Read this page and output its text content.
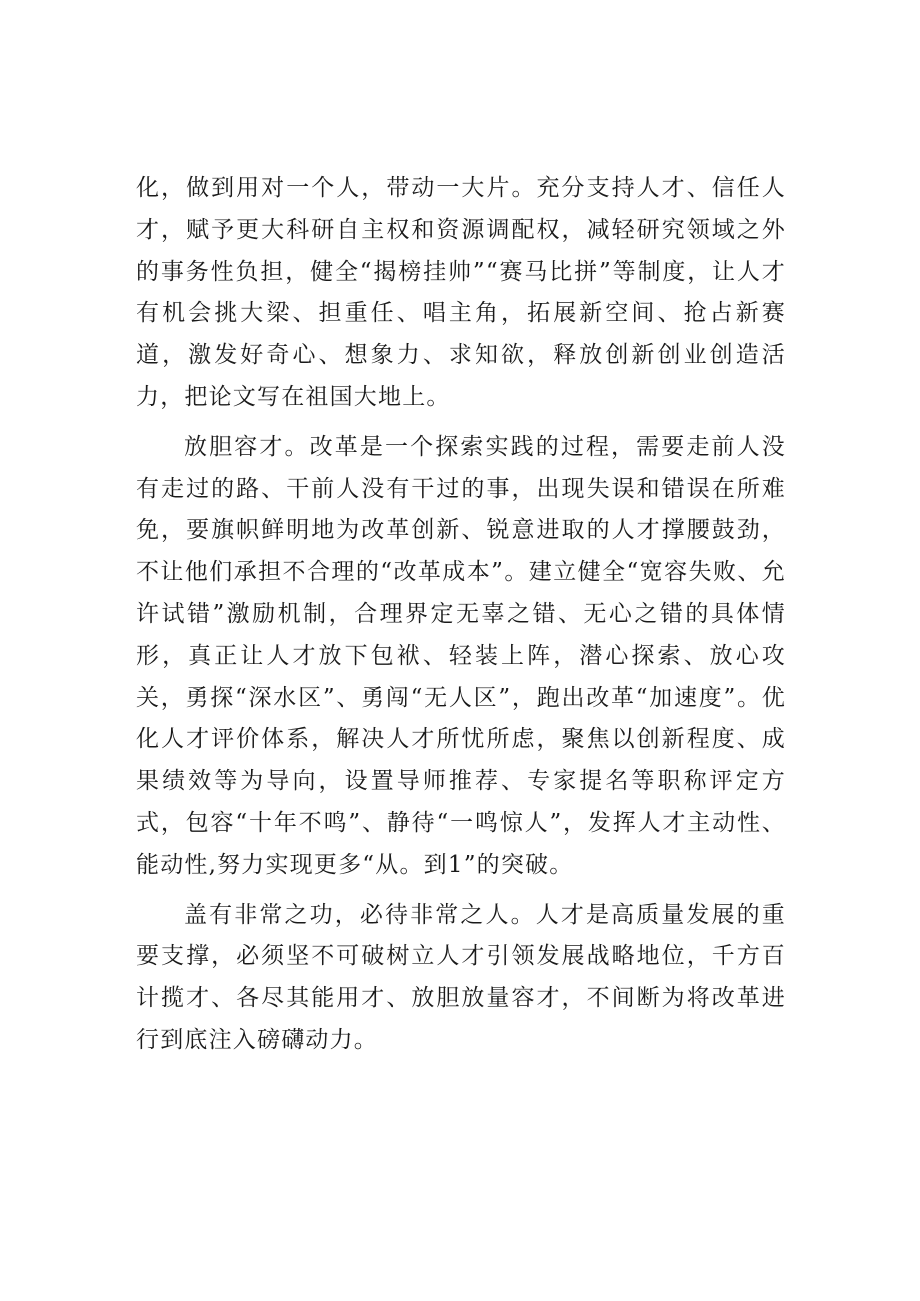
化，做到用对一个人，带动一大片。充分支持人才、信任人才，赋予更大科研自主权和资源调配权，减轻研究领域之外的事务性负担，健全“揭榜挂帅”“赛马比拼”等制度，让人才有机会挑大梁、担重任、唱主角，拓展新空间、抢占新赛道，激发好奇心、想象力、求知欲，释放创新创业创造活力，把论文写在祖国大地上。

放胆容才。改革是一个探索实践的过程，需要走前人没有走过的路、干前人没有干过的事，出现失误和错误在所难免，要旗帜鲜明地为改革创新、锐意进取的人才撑腰鼓劲，不让他们承担不合理的“改革成本”。建立健全“宽容失败、允许试错”激励机制，合理界定无辜之错、无心之错的具体情形，真正让人才放下包袱、轻装上阵，潜心探索、放心攻关，勇探“深水区”、勇闯“无人区”，跑出改革“加速度”。优化人才评价体系，解决人才所忧所虑，聚焦以创新程度、成果绩效等为导向，设置导师推荐、专家提名等职称评定方式，包容“十年不鸣”、静待“一鸣惊人”，发挥人才主动性、能动性,努力实现更多“从。到1”的突破。

盖有非常之功，必待非常之人。人才是高质量发展的重要支撑，必须坚不可破树立人才引领发展战略地位，千方百计揽才、各尽其能用才、放胆放量容才，不间断为将改革进行到底注入磅礴动力。
